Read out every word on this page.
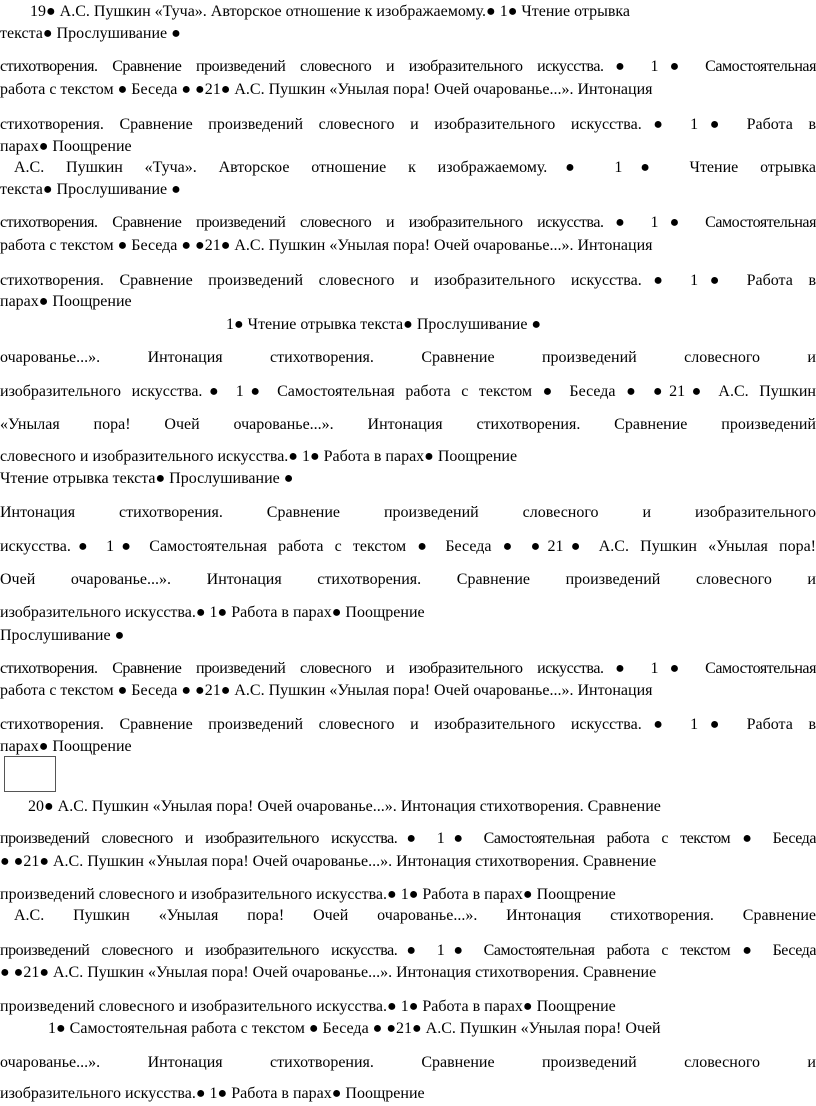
19● А.С. Пушкин «Туча». Авторское отношение к изображаемому.● 1● Чтение отрывка
текста● Прослушивание ●
стихотворения. Сравнение произведений словесного и изобразительного искусства.● 1● Самостоятельная
работа с текстом ● Беседа ● ●21● А.С. Пушкин «Унылая пора! Очей очарованье...». Интонация
стихотворения. Сравнение произведений словесного и изобразительного искусства.● 1● Работа в
парах● Поощрение
А.С. Пушкин «Туча». Авторское отношение к изображаемому.● 1● Чтение отрывка
текста● Прослушивание ●
стихотворения. Сравнение произведений словесного и изобразительного искусства.● 1● Самостоятельная
работа с текстом ● Беседа ● ●21● А.С. Пушкин «Унылая пора! Очей очарованье...». Интонация
стихотворения. Сравнение произведений словесного и изобразительного искусства.● 1● Работа в
парах● Поощрение
1● Чтение отрывка текста● Прослушивание ●
очарованье...». Интонация стихотворения. Сравнение произведений словесного и
изобразительного искусства.● 1● Самостоятельная работа с текстом ● Беседа ● ●21● А.С. Пушкин
«Унылая пора! Очей очарованье...». Интонация стихотворения. Сравнение произведений
словесного и изобразительного искусства.● 1● Работа в парах● Поощрение
Чтение отрывка текста● Прослушивание ●
Интонация стихотворения. Сравнение произведений словесного и изобразительного
искусства.● 1● Самостоятельная работа с текстом ● Беседа ● ●21● А.С. Пушкин «Унылая пора!
Очей очарованье...». Интонация стихотворения. Сравнение произведений словесного и
изобразительного искусства.● 1● Работа в парах● Поощрение
Прослушивание ●
стихотворения. Сравнение произведений словесного и изобразительного искусства.● 1● Самостоятельная
работа с текстом ● Беседа ● ●21● А.С. Пушкин «Унылая пора! Очей очарованье...». Интонация
стихотворения. Сравнение произведений словесного и изобразительного искусства.● 1● Работа в
парах● Поощрение
20● А.С. Пушкин «Унылая пора! Очей очарованье...». Интонация стихотворения. Сравнение
произведений словесного и изобразительного искусства.● 1● Самостоятельная работа с текстом ● Беседа
● ●21● А.С. Пушкин «Унылая пора! Очей очарованье...». Интонация стихотворения. Сравнение
произведений словесного и изобразительного искусства.● 1● Работа в парах● Поощрение
А.С. Пушкин «Унылая пора! Очей очарованье...». Интонация стихотворения. Сравнение
произведений словесного и изобразительного искусства.● 1● Самостоятельная работа с текстом ● Беседа
● ●21● А.С. Пушкин «Унылая пора! Очей очарованье...». Интонация стихотворения. Сравнение
произведений словесного и изобразительного искусства.● 1● Работа в парах● Поощрение
1● Самостоятельная работа с текстом ● Беседа ● ●21● А.С. Пушкин «Унылая пора! Очей
очарованье...». Интонация стихотворения. Сравнение произведений словесного и
изобразительного искусства.● 1● Работа в парах● Поощрение
